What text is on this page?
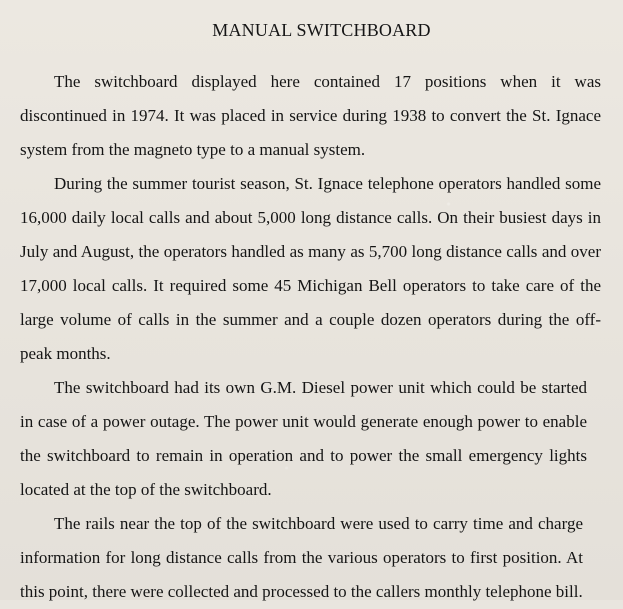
MANUAL SWITCHBOARD

The switchboard displayed here contained 17 positions when it was discontinued in 1974. It was placed in service during 1938 to convert the St. Ignace system from the magneto type to a manual system.

During the summer tourist season, St. Ignace telephone operators handled some 16,000 daily local calls and about 5,000 long distance calls. On their busiest days in July and August, the operators handled as many as 5,700 long distance calls and over 17,000 local calls. It required some 45 Michigan Bell operators to take care of the large volume of calls in the summer and a couple dozen operators during the off-peak months.

The switchboard had its own G.M. Diesel power unit which could be started in case of a power outage. The power unit would generate enough power to enable the switchboard to remain in operation and to power the small emergency lights located at the top of the switchboard.

The rails near the top of the switchboard were used to carry time and charge information for long distance calls from the various operators to first position. At this point, there were collected and processed to the callers monthly telephone bill.
